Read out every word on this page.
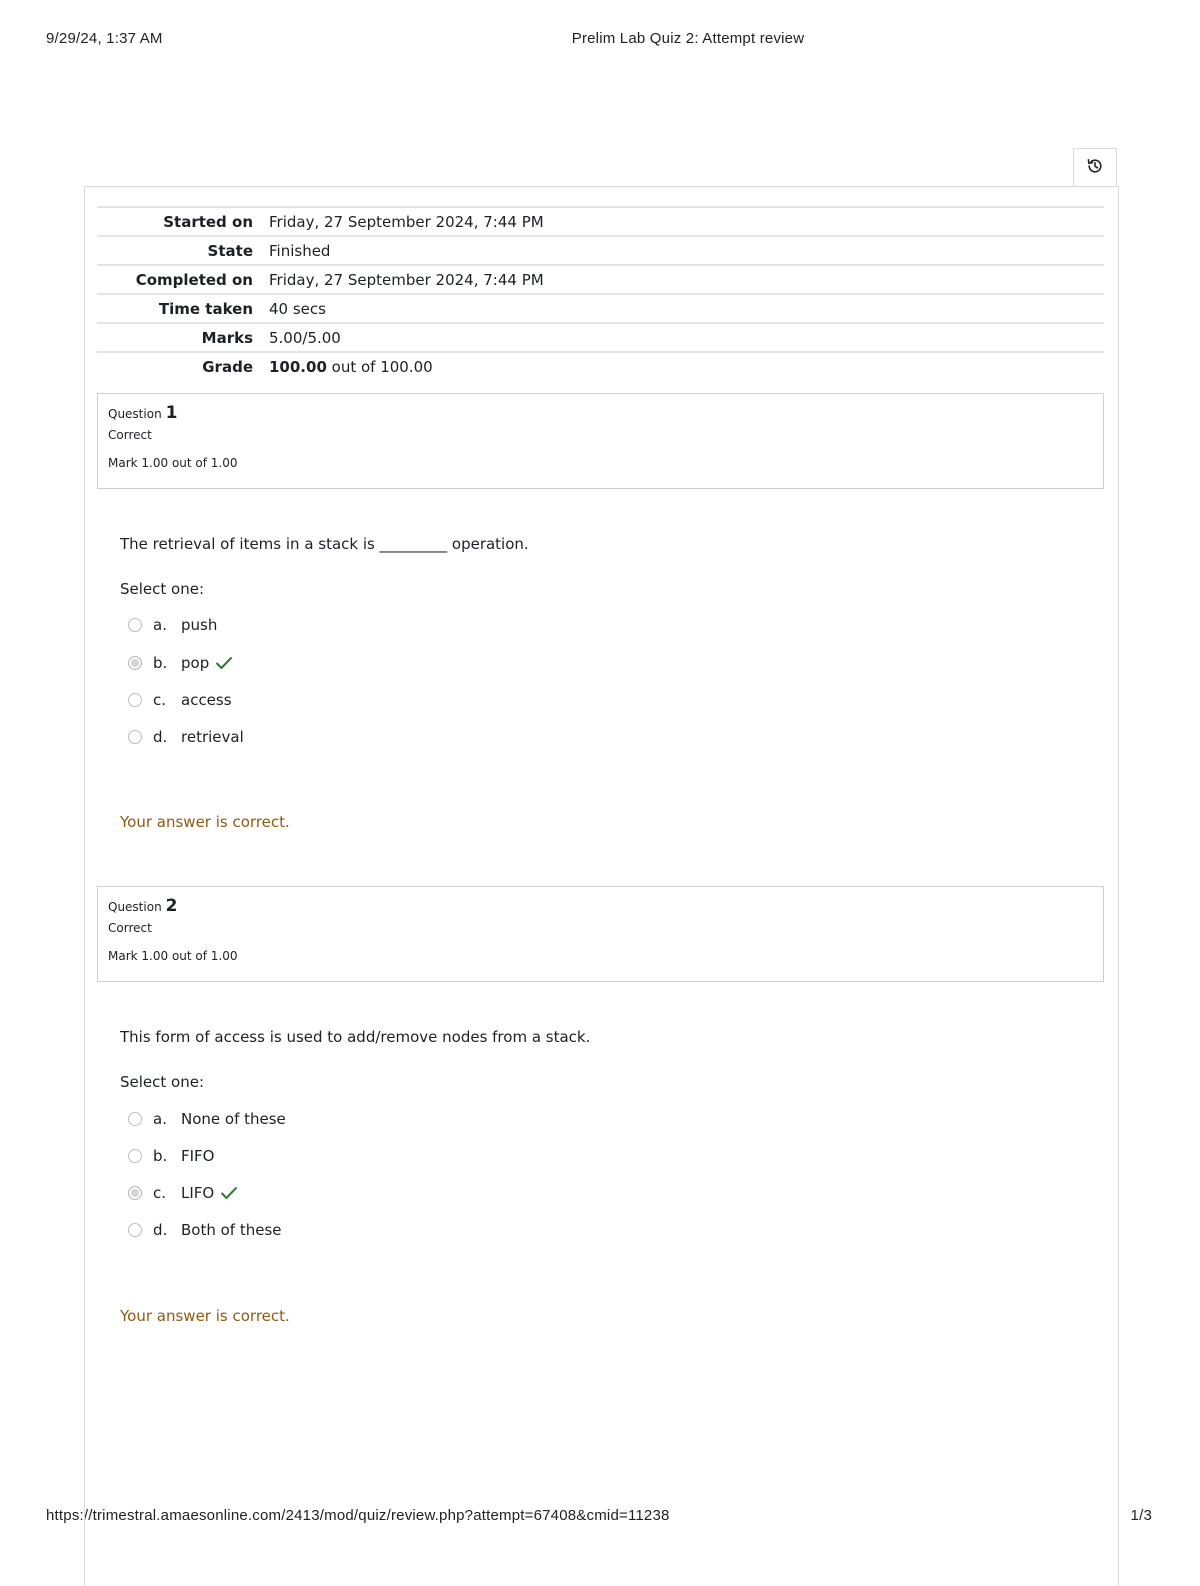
9/29/24, 1:37 AM	Prelim Lab Quiz 2: Attempt review
https://trimestral.amaesonline.com/2413/mod/quiz/review.php?attempt=67408&cmid=11238	1/3
Started on	Friday, 27 September 2024, 7:44 PM
State	Finished
Completed on	Friday, 27 September 2024, 7:44 PM
Time taken	40 secs
Marks	5.00/5.00
Grade	100.00 out of 100.00
Question 1
Correct
Mark 1.00 out of 1.00
The retrieval of items in a stack is _________ operation.
Select one:
a. push
b. pop
c. access
d. retrieval
Your answer is correct.
Question 2
Correct
Mark 1.00 out of 1.00
This form of access is used to add/remove nodes from a stack.
Select one:
a. None of these
b. FIFO
c. LIFO
d. Both of these
Your answer is correct.
